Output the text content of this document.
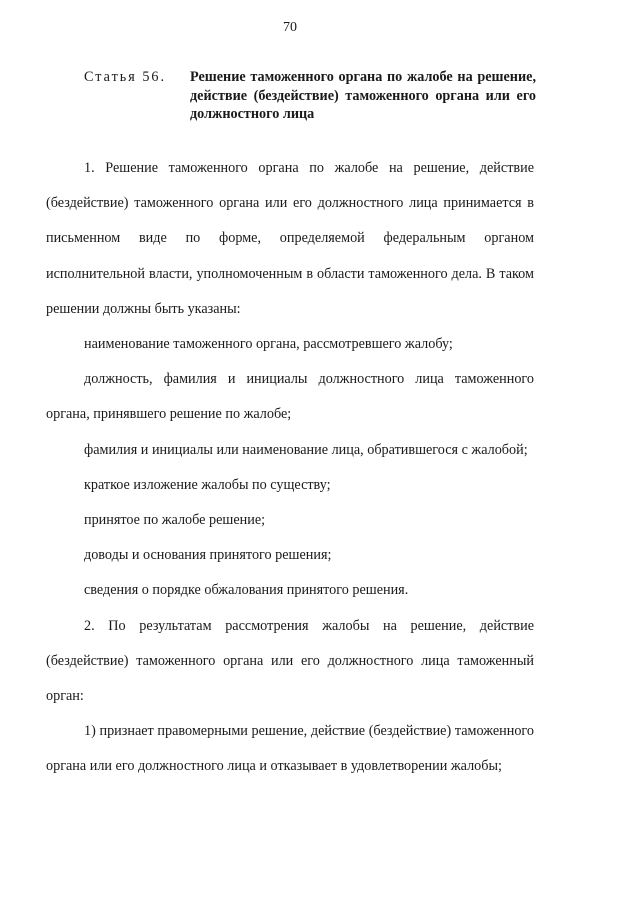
70
Статья 56.	Решение таможенного органа по жалобе на решение, действие (бездействие) таможенного органа или его должностного лица

1. Решение таможенного органа по жалобе на решение, действие (бездействие) таможенного органа или его должностного лица принимается в письменном виде по форме, определяемой федеральным органом исполнительной власти, уполномоченным в области таможенного дела. В таком решении должны быть указаны:

наименование таможенного органа, рассмотревшего жалобу;

должность, фамилия и инициалы должностного лица таможенного органа, принявшего решение по жалобе;

фамилия и инициалы или наименование лица, обратившегося с жалобой;

краткое изложение жалобы по существу;

принятое по жалобе решение;

доводы и основания принятого решения;

сведения о порядке обжалования принятого решения.

2. По результатам рассмотрения жалобы на решение, действие (бездействие) таможенного органа или его должностного лица таможенный орган:

1) признает правомерными решение, действие (бездействие) таможенного органа или его должностного лица и отказывает в удовлетворении жалобы;
